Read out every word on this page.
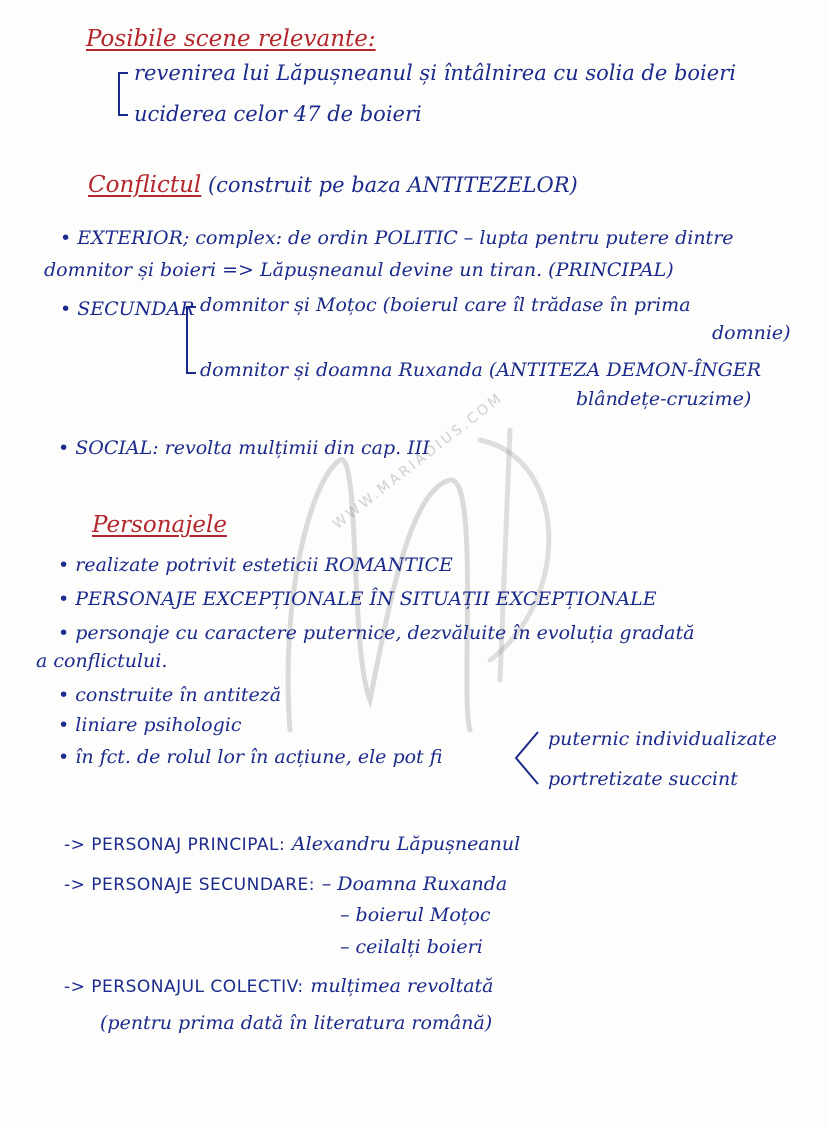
WWW.MARIADIUS.COM
Posibile scene relevante:
revenirea lui Lăpușneanul și întâlnirea cu solia de boieri
uciderea celor 47 de boieri
Conflictul (construit pe baza ANTITEZELOR)
• EXTERIOR; complex: de ordin POLITIC – lupta pentru putere dintre
domnitor și boieri => Lăpușneanul devine un tiran. (PRINCIPAL)
• SECUNDAR domnitor și Moțoc (boierul care îl trădase în prima
domnie)
domnitor și doamna Ruxanda (ANTITEZA DEMON-ÎNGER
blândețe-cruzime)
• SOCIAL: revolta mulțimii din cap. III
Personajele
• realizate potrivit esteticii ROMANTICE
• PERSONAJE EXCEPȚIONALE ÎN SITUAȚII EXCEPȚIONALE
• personaje cu caractere puternice, dezvăluite în evoluția gradată
a conflictului.
• construite în antiteză
• liniare psihologic
• în fct. de rolul lor în acțiune, ele pot fi
puternic individualizate
portretizate succint
-> PERSONAJ PRINCIPAL: Alexandru Lăpușneanul
-> PERSONAJE SECUNDARE: – Doamna Ruxanda
– boierul Moțoc
– ceilalți boieri
-> PERSONAJUL COLECTIV: mulțimea revoltată
(pentru prima dată în literatura română)
